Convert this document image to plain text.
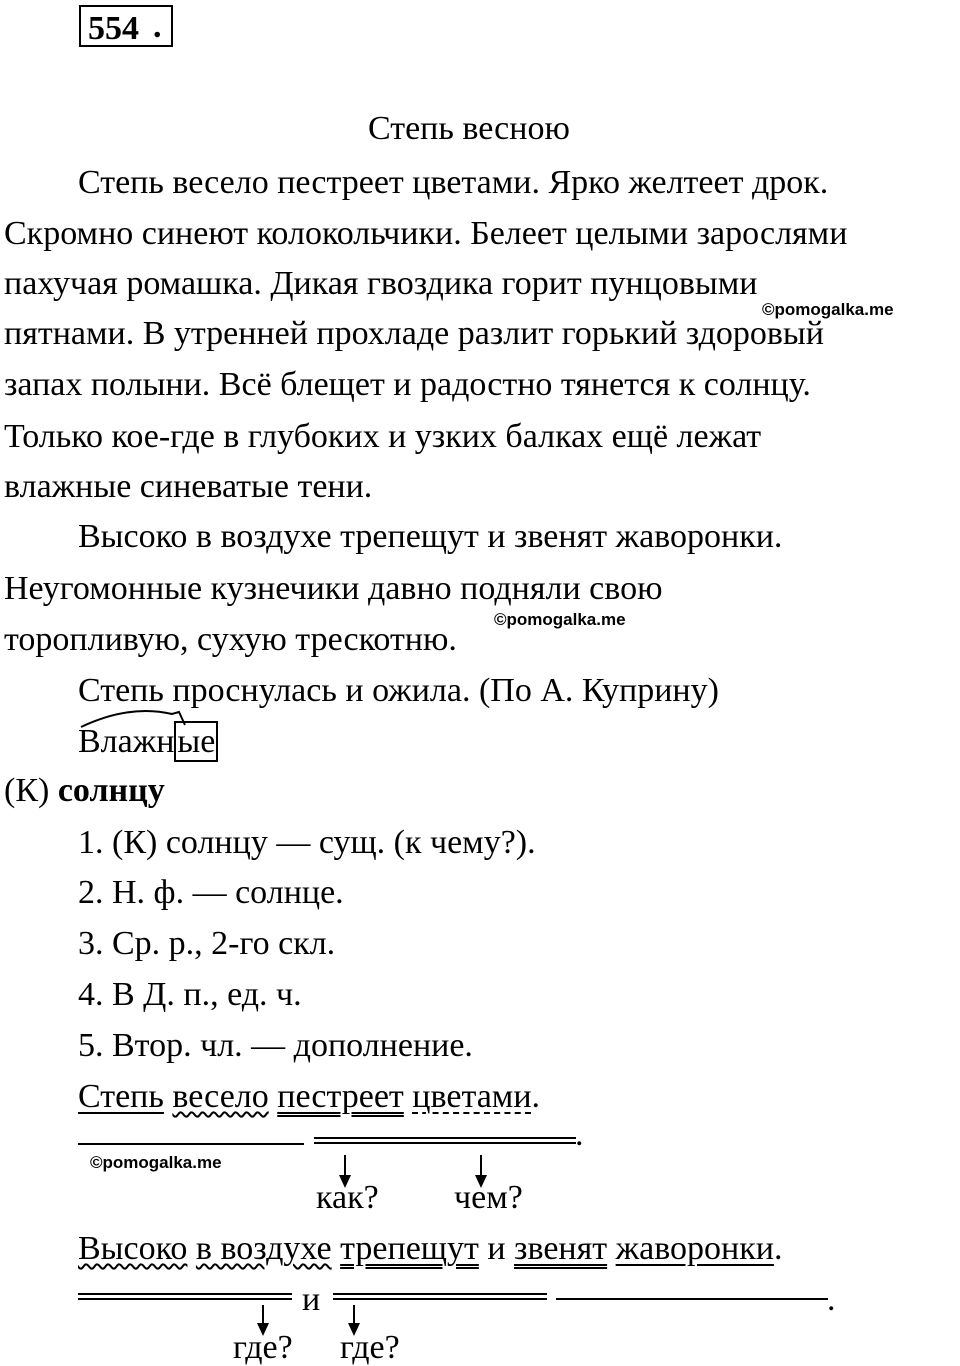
554 .
Степь весною
Степь весело пестреет цветами. Ярко желтеет дрок.
Скромно синеют колокольчики. Белеет целыми зарослями
пахучая ромашка. Дикая гвоздика горит пунцовыми
пятнами. В утренней прохладе разлит горький здоровый
запах полыни. Всё блещет и радостно тянется к солнцу.
Только кое-где в глубоких и узких балках ещё лежат
влажные синеватые тени.
©pomogalka.me
Высоко в воздухе трепещут и звенят жаворонки.
Неугомонные кузнечики давно подняли свою
торопливую, сухую трескотню.
©pomogalka.me
Степь проснулась и ожила. (По А. Куприну)
Влажные
(К) солнцу
1. (К) солнцу — сущ. (к чему?).
2. Н. ф. — солнце.
3. Ср. р., 2-го скл.
4. В Д. п., ед. ч.
5. Втор. чл. — дополнение.
Степь весело пестреет цветами.
.
©pomogalka.me
как? чем?
Высоко в воздухе трепещут и звенят жаворонки.
и	.
где? где?
